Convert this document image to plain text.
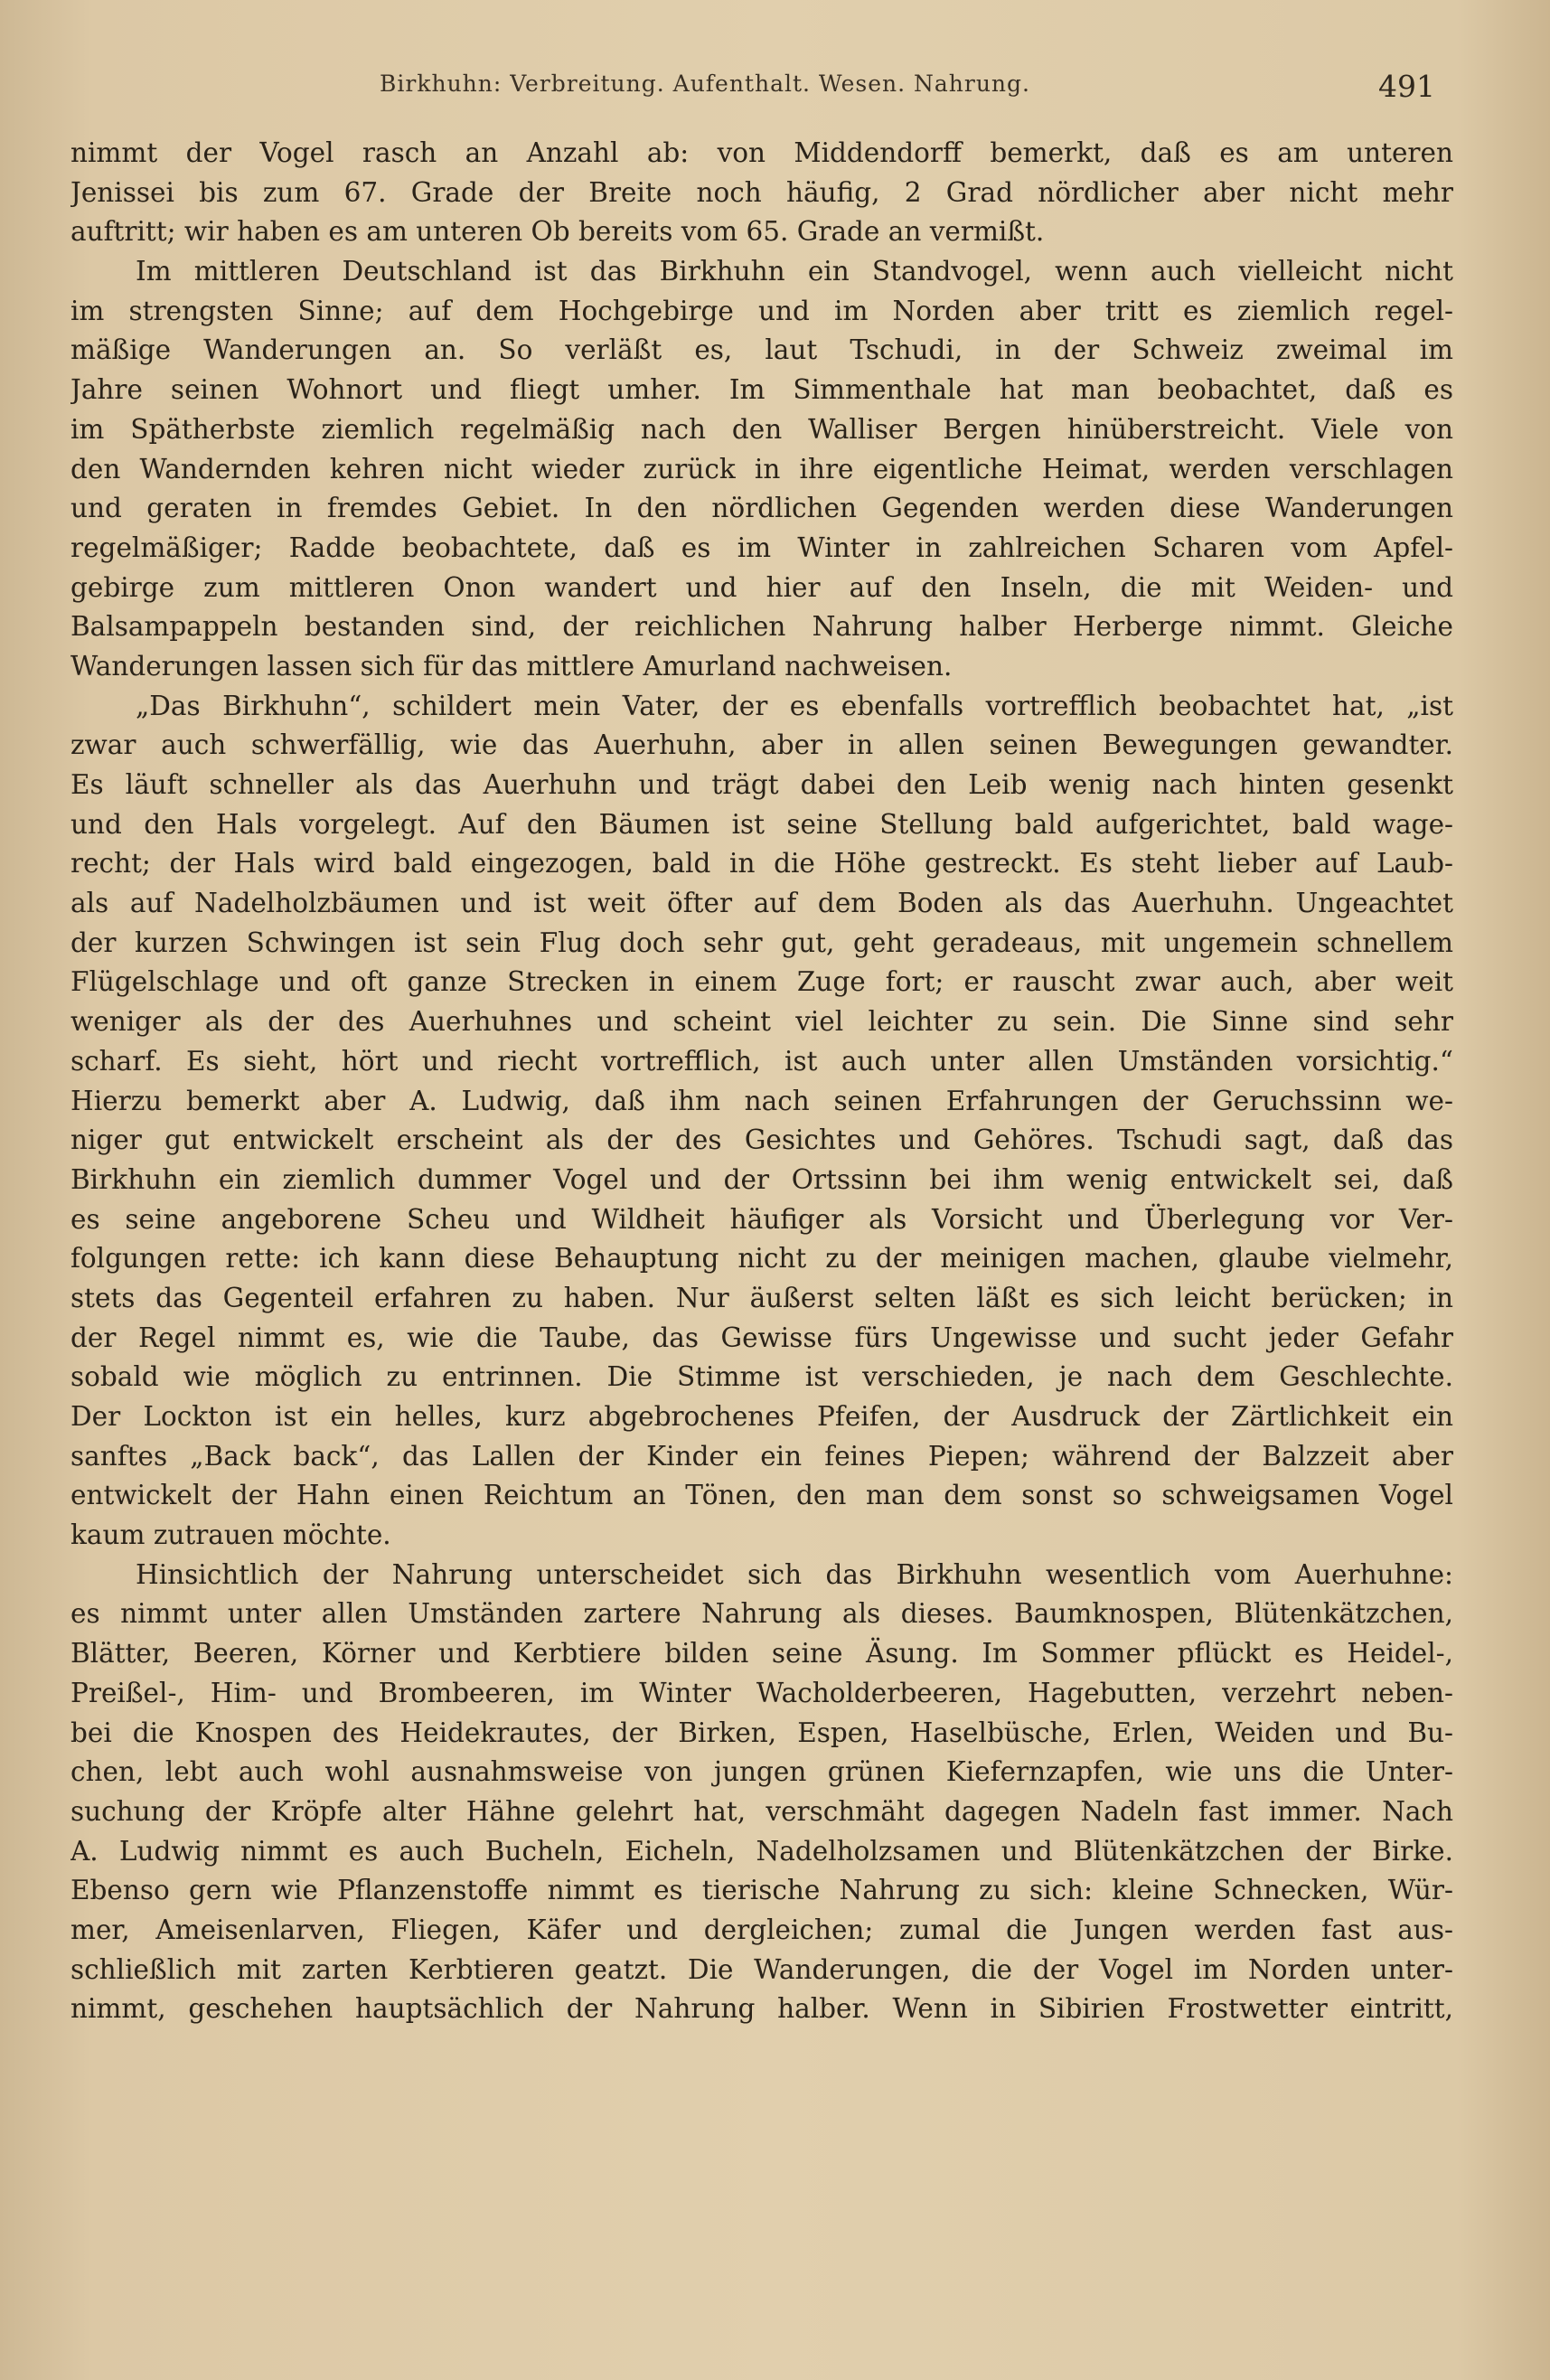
Birkhuhn: Verbreitung. Aufenthalt. Wesen. Nahrung.	491
nimmt der Vogel rasch an Anzahl ab: von Middendorff bemerkt, daß es am unteren
Jenissei bis zum 67. Grade der Breite noch häufig, 2 Grad nördlicher aber nicht mehr
auftritt; wir haben es am unteren Ob bereits vom 65. Grade an vermißt.
Im mittleren Deutschland ist das Birkhuhn ein Standvogel, wenn auch vielleicht nicht
im strengsten Sinne; auf dem Hochgebirge und im Norden aber tritt es ziemlich regel-
mäßige Wanderungen an. So verläßt es, laut Tschudi, in der Schweiz zweimal im
Jahre seinen Wohnort und fliegt umher. Im Simmenthale hat man beobachtet, daß es
im Spätherbste ziemlich regelmäßig nach den Walliser Bergen hinüberstreicht. Viele von
den Wandernden kehren nicht wieder zurück in ihre eigentliche Heimat, werden verschlagen
und geraten in fremdes Gebiet. In den nördlichen Gegenden werden diese Wanderungen
regelmäßiger; Radde beobachtete, daß es im Winter in zahlreichen Scharen vom Apfel-
gebirge zum mittleren Onon wandert und hier auf den Inseln, die mit Weiden- und
Balsampappeln bestanden sind, der reichlichen Nahrung halber Herberge nimmt. Gleiche
Wanderungen lassen sich für das mittlere Amurland nachweisen.
„Das Birkhuhn“, schildert mein Vater, der es ebenfalls vortrefflich beobachtet hat, „ist
zwar auch schwerfällig, wie das Auerhuhn, aber in allen seinen Bewegungen gewandter.
Es läuft schneller als das Auerhuhn und trägt dabei den Leib wenig nach hinten gesenkt
und den Hals vorgelegt. Auf den Bäumen ist seine Stellung bald aufgerichtet, bald wage-
recht; der Hals wird bald eingezogen, bald in die Höhe gestreckt. Es steht lieber auf Laub-
als auf Nadelholzbäumen und ist weit öfter auf dem Boden als das Auerhuhn. Ungeachtet
der kurzen Schwingen ist sein Flug doch sehr gut, geht geradeaus, mit ungemein schnellem
Flügelschlage und oft ganze Strecken in einem Zuge fort; er rauscht zwar auch, aber weit
weniger als der des Auerhuhnes und scheint viel leichter zu sein. Die Sinne sind sehr
scharf. Es sieht, hört und riecht vortrefflich, ist auch unter allen Umständen vorsichtig.“
Hierzu bemerkt aber A. Ludwig, daß ihm nach seinen Erfahrungen der Geruchssinn we-
niger gut entwickelt erscheint als der des Gesichtes und Gehöres. Tschudi sagt, daß das
Birkhuhn ein ziemlich dummer Vogel und der Ortssinn bei ihm wenig entwickelt sei, daß
es seine angeborene Scheu und Wildheit häufiger als Vorsicht und Überlegung vor Ver-
folgungen rette: ich kann diese Behauptung nicht zu der meinigen machen, glaube vielmehr,
stets das Gegenteil erfahren zu haben. Nur äußerst selten läßt es sich leicht berücken; in
der Regel nimmt es, wie die Taube, das Gewisse fürs Ungewisse und sucht jeder Gefahr
sobald wie möglich zu entrinnen. Die Stimme ist verschieden, je nach dem Geschlechte.
Der Lockton ist ein helles, kurz abgebrochenes Pfeifen, der Ausdruck der Zärtlichkeit ein
sanftes „Back back“, das Lallen der Kinder ein feines Piepen; während der Balzzeit aber
entwickelt der Hahn einen Reichtum an Tönen, den man dem sonst so schweigsamen Vogel
kaum zutrauen möchte.
Hinsichtlich der Nahrung unterscheidet sich das Birkhuhn wesentlich vom Auerhuhne:
es nimmt unter allen Umständen zartere Nahrung als dieses. Baumknospen, Blütenkätzchen,
Blätter, Beeren, Körner und Kerbtiere bilden seine Äsung. Im Sommer pflückt es Heidel-,
Preißel-, Him- und Brombeeren, im Winter Wacholderbeeren, Hagebutten, verzehrt neben-
bei die Knospen des Heidekrautes, der Birken, Espen, Haselbüsche, Erlen, Weiden und Bu-
chen, lebt auch wohl ausnahmsweise von jungen grünen Kiefernzapfen, wie uns die Unter-
suchung der Kröpfe alter Hähne gelehrt hat, verschmäht dagegen Nadeln fast immer. Nach
A. Ludwig nimmt es auch Bucheln, Eicheln, Nadelholzsamen und Blütenkätzchen der Birke.
Ebenso gern wie Pflanzenstoffe nimmt es tierische Nahrung zu sich: kleine Schnecken, Wür-
mer, Ameisenlarven, Fliegen, Käfer und dergleichen; zumal die Jungen werden fast aus-
schließlich mit zarten Kerbtieren geatzt. Die Wanderungen, die der Vogel im Norden unter-
nimmt, geschehen hauptsächlich der Nahrung halber. Wenn in Sibirien Frostwetter eintritt,
